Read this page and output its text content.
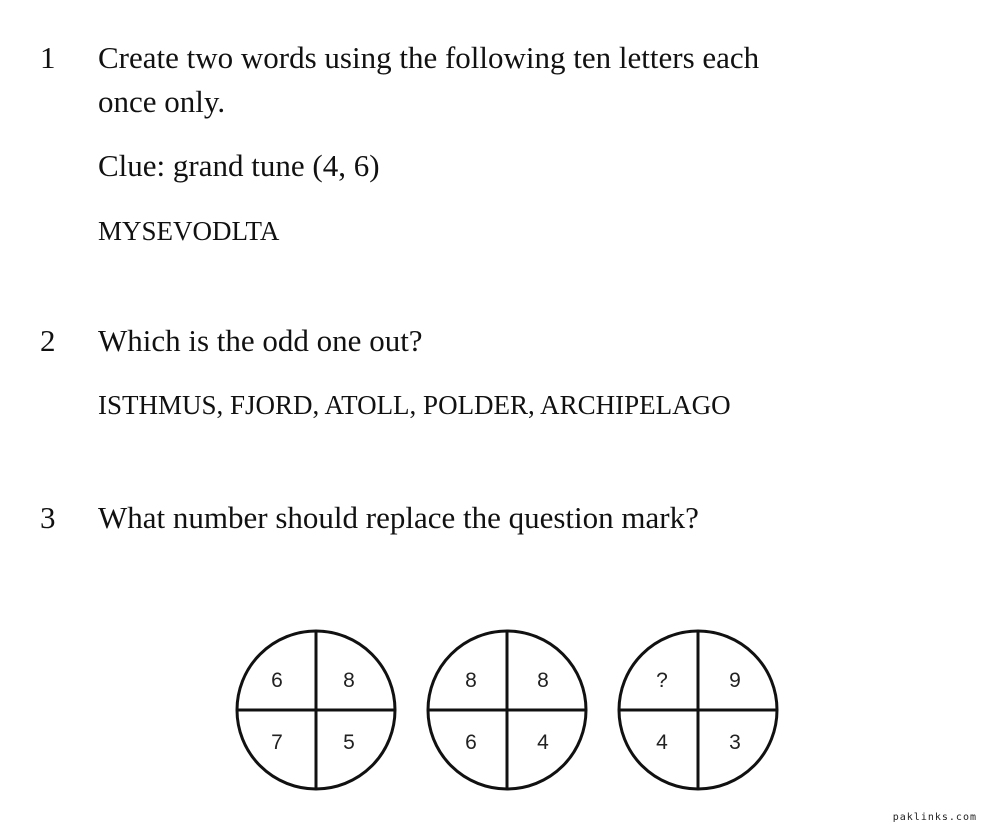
1 Create two words using the following ten letters each
once only.
Clue: grand tune (4, 6)
MYSEVODLTA
2 Which is the odd one out?
ISTHMUS, FJORD, ATOLL, POLDER, ARCHIPELAGO
3 What number should replace the question mark?
6	8
7	5
8	8
6	4
?	9
4	3
paklinks.com
